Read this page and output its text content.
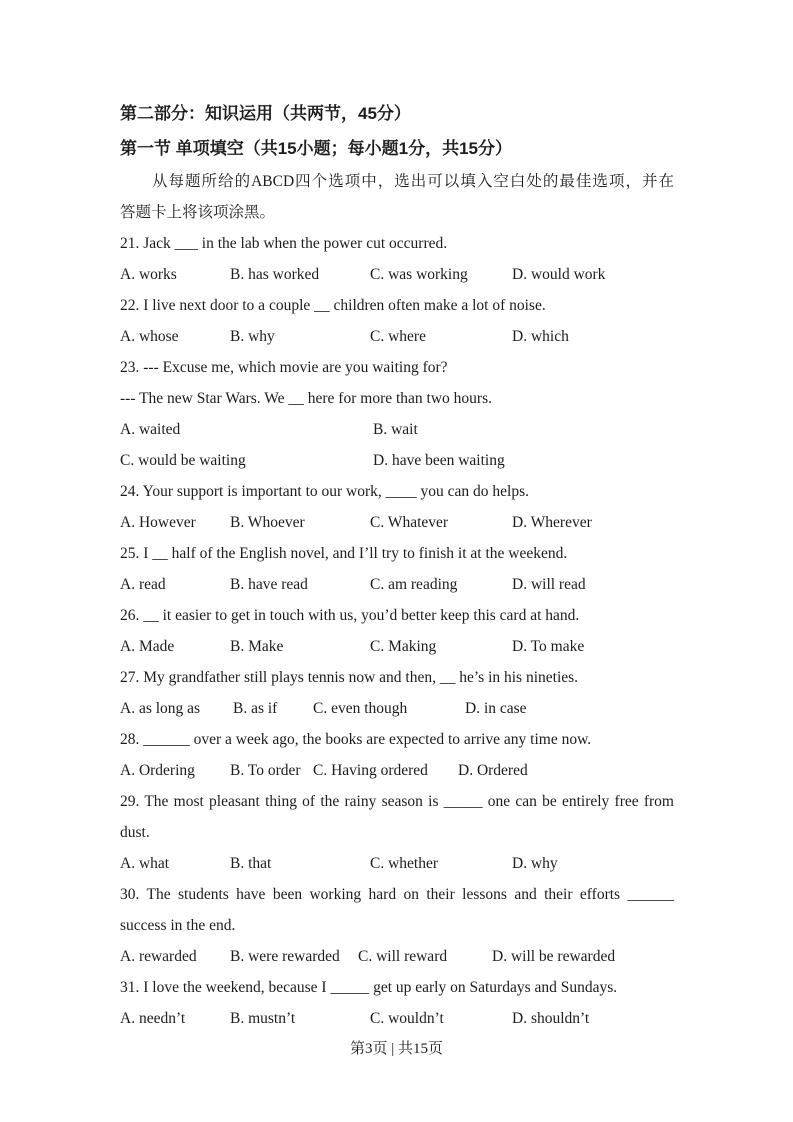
第二部分：知识运用（共两节，45分）
第一节 单项填空（共15小题；每小题1分，共15分）
从每题所给的ABCD四个选项中，选出可以填入空白处的最佳选项，并在
答题卡上将该项涂黑。
21. Jack ___ in the lab when the power cut occurred.
A. works	B. has worked	C. was working	D. would work
22. I live next door to a couple __ children often make a lot of noise.
A. whose	B. why	C. where	D. which
23. --- Excuse me, which movie are you waiting for?
--- The new Star Wars. We __ here for more than two hours.
A. waited	B. wait
C. would be waiting	D. have been waiting
24. Your support is important to our work, ____ you can do helps.
A. However B. Whoever	C. Whatever	D. Wherever
25. I __ half of the English novel, and I’ll try to finish it at the weekend.
A. read	B. have read	C. am reading	D. will read
26. __ it easier to get in touch with us, you’d better keep this card at hand.
A. Made	B. Make	C. Making	D. To make
27. My grandfather still plays tennis now and then, __ he’s in his nineties.
A. as long as B. as if C. even though	D. in case
28. ______ over a week ago, the books are expected to arrive any time now.
A. Ordering B. To order C. Having ordered D. Ordered
29. The most pleasant thing of the rainy season is _____ one can be entirely free from
dust.
A. what	B. that	C. whether	D. why
30. The students have been working hard on their lessons and their efforts ______
success in the end.
A. rewarded B. were rewarded C. will reward	D. will be rewarded
31. I love the weekend, because I _____ get up early on Saturdays and Sundays.
A. needn’t	B. mustn’t	C. wouldn’t	D. shouldn’t
第3页 | 共15页
